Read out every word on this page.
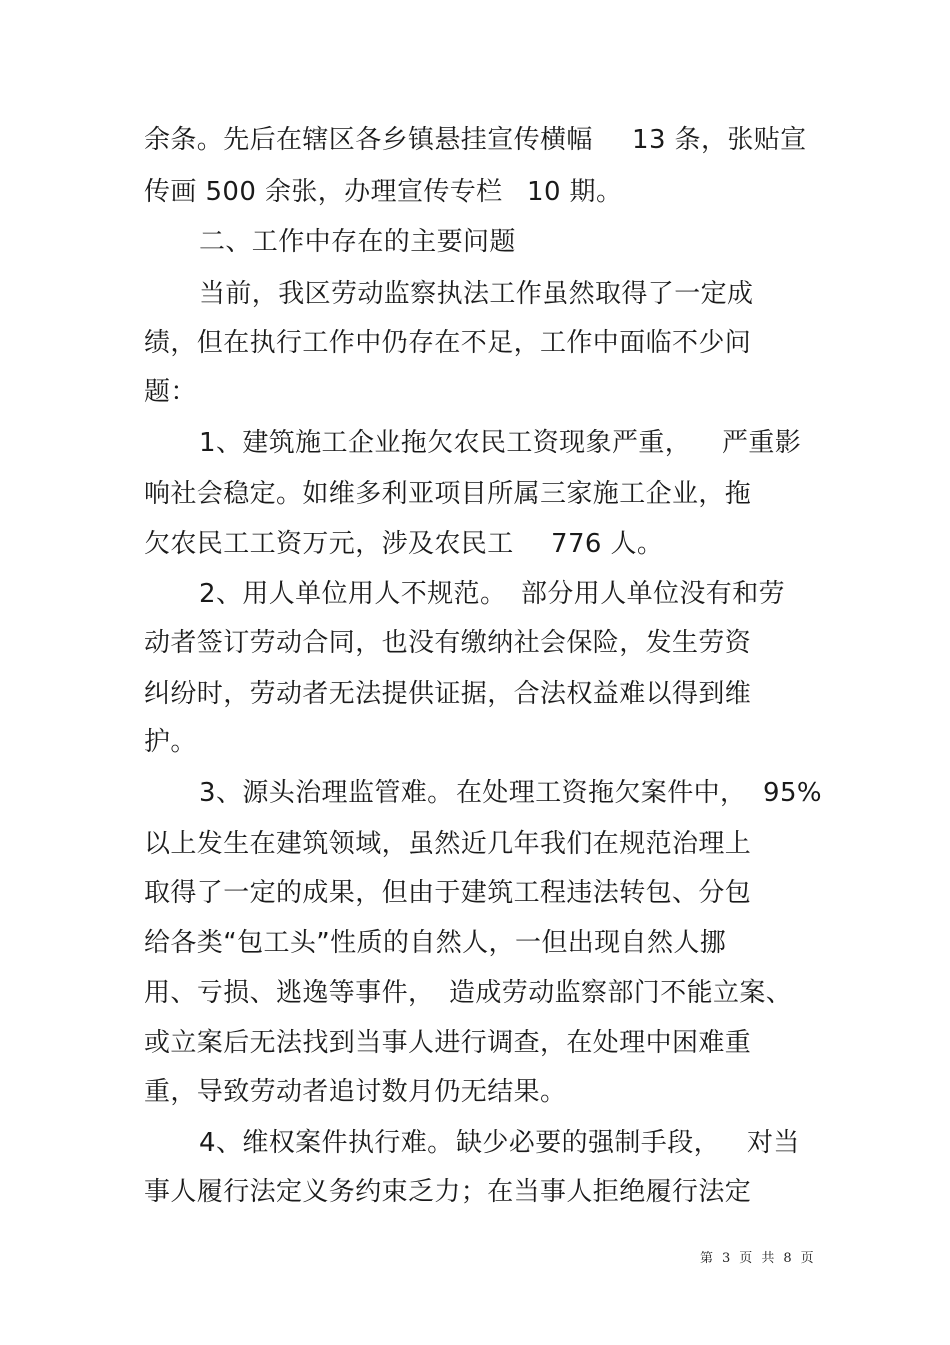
余条。先后在辖区各乡镇悬挂宣传横幅 13 条，张贴宣
传画 500 余张，办理宣传专栏 10 期。
二、工作中存在的主要问题
当前，我区劳动监察执法工作虽然取得了一定成
绩，但在执行工作中仍存在不足，工作中面临不少问
题：
1、建筑施工企业拖欠农民工资现象严重， 严重影
响社会稳定。如维多利亚项目所属三家施工企业，拖
欠农民工工资万元，涉及农民工 776 人。
2、用人单位用人不规范。 部分用人单位没有和劳
动者签订劳动合同，也没有缴纳社会保险，发生劳资
纠纷时，劳动者无法提供证据，合法权益难以得到维
护。
3、源头治理监管难。 在处理工资拖欠案件中， 95%
以上发生在建筑领域，虽然近几年我们在规范治理上
取得了一定的成果，但由于建筑工程违法转包、分包
给各类“包工头”性质的自然人，一但出现自然人挪
用、亏损、逃逸等事件， 造成劳动监察部门不能立案、
或立案后无法找到当事人进行调查，在处理中困难重
重，导致劳动者追讨数月仍无结果。
4、维权案件执行难。 缺少必要的强制手段， 对当
事人履行法定义务约束乏力；在当事人拒绝履行法定
第 3 页 共 8 页
